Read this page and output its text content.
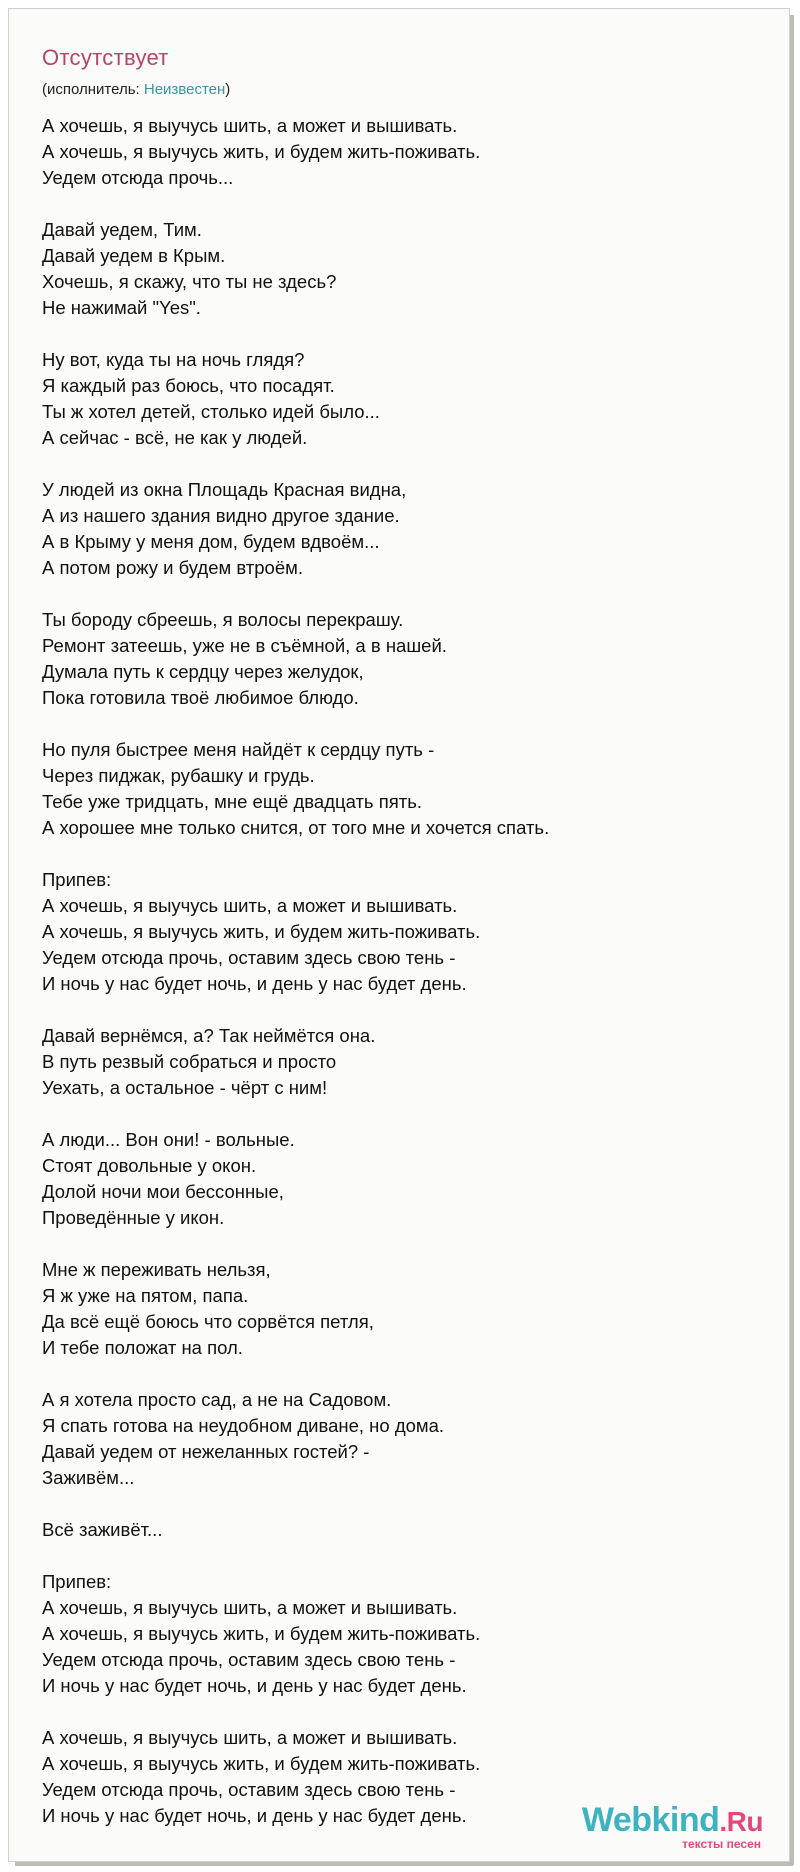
Отсутствует
(исполнитель: Неизвестен)
А хочешь, я выучусь шить, а может и вышивать.
А хочешь, я выучусь жить, и будем жить-поживать.
Уедем отсюда прочь...
Давай уедем, Тим.
Давай уедем в Крым.
Хочешь, я скажу, что ты не здесь?
Не нажимай "Yes".
Ну вот, куда ты на ночь глядя?
Я каждый раз боюсь, что посадят.
Ты ж хотел детей, столько идей было...
А сейчас - всё, не как у людей.
У людей из окна Площадь Красная видна,
А из нашего здания видно другое здание.
А в Крыму у меня дом, будем вдвоём...
А потом рожу и будем втроём.
Ты бороду сбреешь, я волосы перекрашу.
Ремонт затеешь, уже не в съёмной, а в нашей.
Думала путь к сердцу через желудок,
Пока готовила твоё любимое блюдо.
Но пуля быстрее меня найдёт к сердцу путь -
Через пиджак, рубашку и грудь.
Тебе уже тридцать, мне ещё двадцать пять.
А хорошее мне только снится, от того мне и хочется спать.
Припев:
А хочешь, я выучусь шить, а может и вышивать.
А хочешь, я выучусь жить, и будем жить-поживать.
Уедем отсюда прочь, оставим здесь свою тень -
И ночь у нас будет ночь, и день у нас будет день.
Давай вернёмся, а? Так неймётся она.
В путь резвый собраться и просто
Уехать, а остальное - чёрт с ним!
А люди... Вон они! - вольные.
Стоят довольные у окон.
Долой ночи мои бессонные,
Проведённые у икон.
Мне ж переживать нельзя,
Я ж уже на пятом, папа.
Да всё ещё боюсь что сорвётся петля,
И тебе положат на пол.
А я хотела просто сад, а не на Садовом.
Я спать готова на неудобном диване, но дома.
Давай уедем от нежеланных гостей? -
Заживём...
Всё заживёт...
Припев:
А хочешь, я выучусь шить, а может и вышивать.
А хочешь, я выучусь жить, и будем жить-поживать.
Уедем отсюда прочь, оставим здесь свою тень -
И ночь у нас будет ночь, и день у нас будет день.
А хочешь, я выучусь шить, а может и вышивать.
А хочешь, я выучусь жить, и будем жить-поживать.
Уедем отсюда прочь, оставим здесь свою тень -
И ночь у нас будет ночь, и день у нас будет день.	Webkind.Ru
тексты песен
